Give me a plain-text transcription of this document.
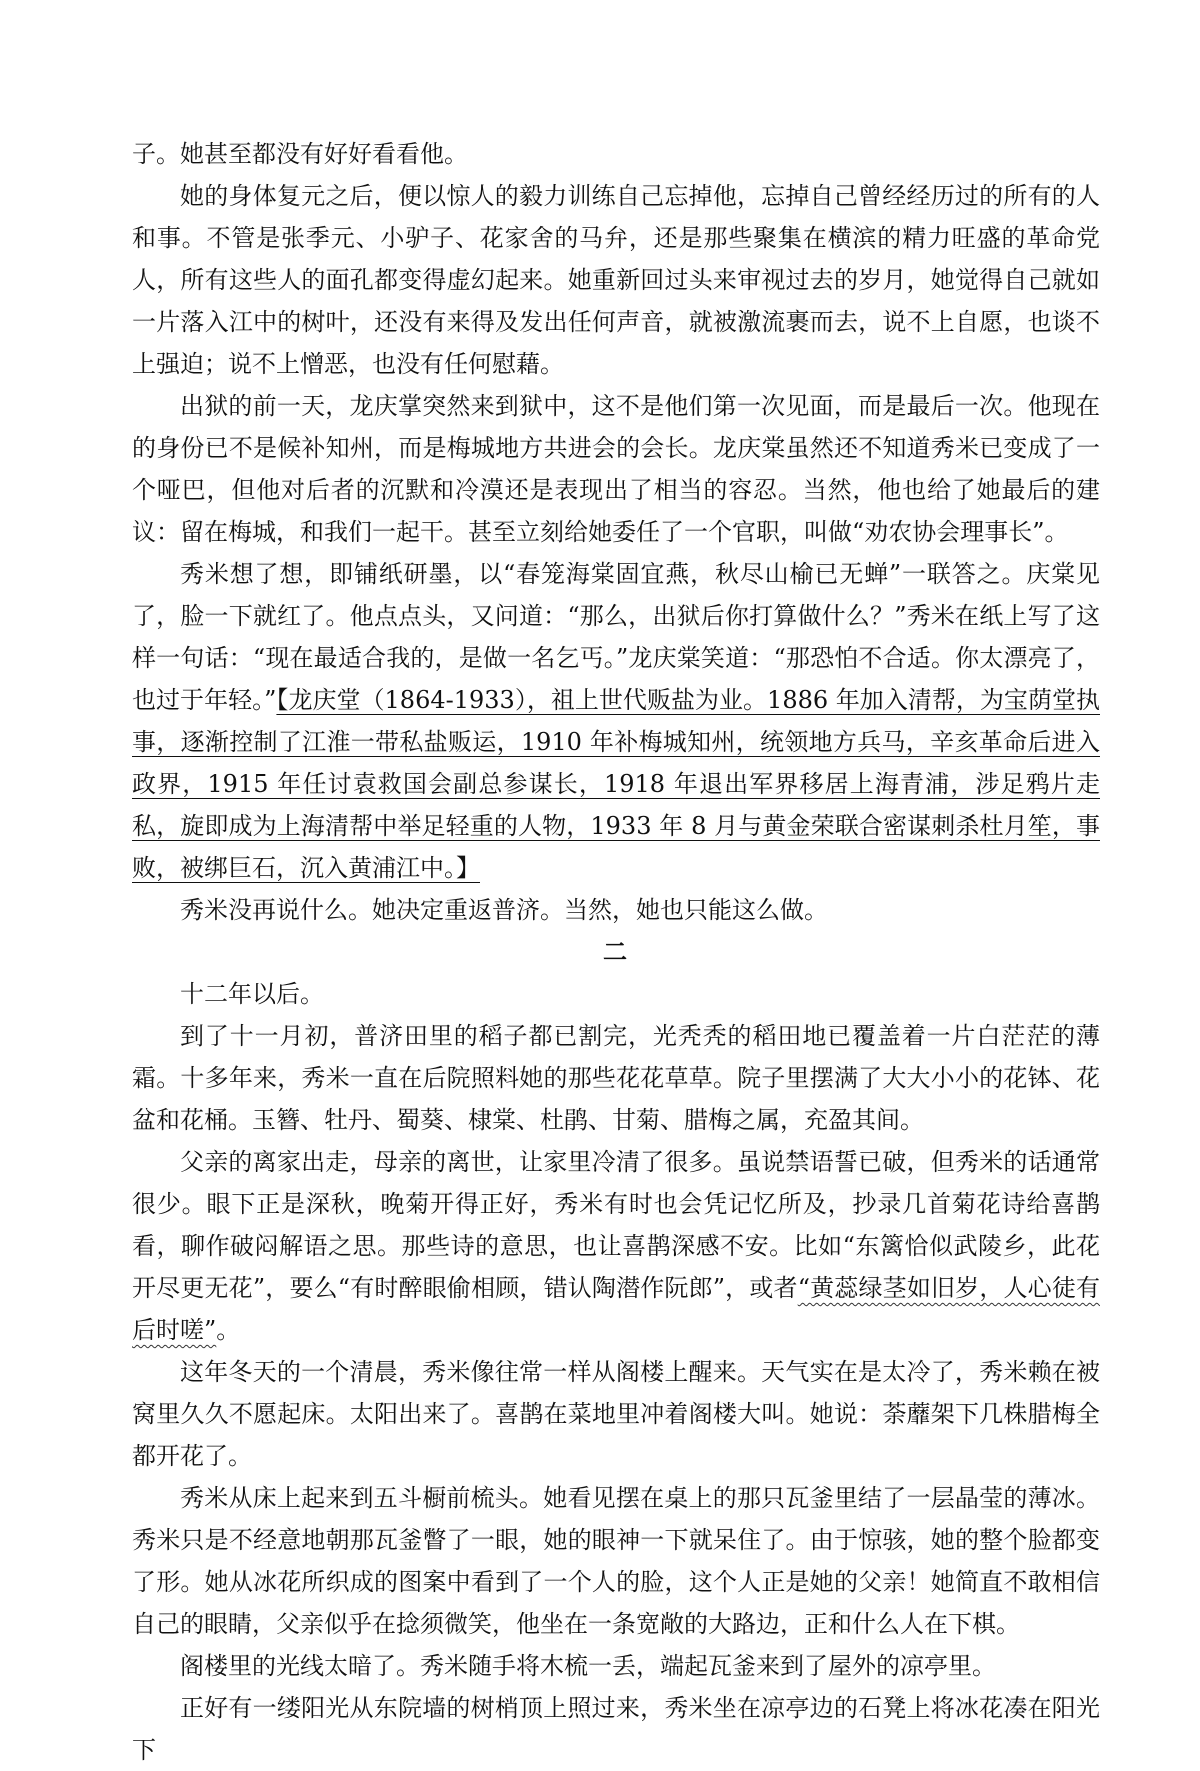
子。她甚至都没有好好看看他。

她的身体复元之后，便以惊人的毅力训练自己忘掉他，忘掉自己曾经经历过的所有的人和事。不管是张季元、小驴子、花家舍的马弁，还是那些聚集在横滨的精力旺盛的革命党人，所有这些人的面孔都变得虚幻起来。她重新回过头来审视过去的岁月，她觉得自己就如一片落入江中的树叶，还没有来得及发出任何声音，就被激流裹而去，说不上自愿，也谈不上强迫；说不上憎恶，也没有任何慰藉。

出狱的前一天，龙庆掌突然来到狱中，这不是他们第一次见面，而是最后一次。他现在的身份已不是候补知州，而是梅城地方共进会的会长。龙庆棠虽然还不知道秀米已变成了一个哑巴，但他对后者的沉默和冷漠还是表现出了相当的容忍。当然，他也给了她最后的建议：留在梅城，和我们一起干。甚至立刻给她委任了一个官职，叫做“劝农协会理事长”。

秀米想了想，即铺纸研墨，以“春笼海棠固宜燕，秋尽山榆已无蝉”一联答之。庆棠见了，脸一下就红了。他点点头，又问道：“那么，出狱后你打算做什么？”秀米在纸上写了这样一句话：“现在最适合我的，是做一名乞丐。”龙庆棠笑道：“那恐怕不合适。你太漂亮了，也过于年轻。”【龙庆堂（1864-1933），祖上世代贩盐为业。1886 年加入清帮，为宝荫堂执事，逐渐控制了江淮一带私盐贩运，1910 年补梅城知州，统领地方兵马，辛亥革命后进入政界，1915 年任讨袁救国会副总参谋长，1918 年退出军界移居上海青浦，涉足鸦片走私，旋即成为上海清帮中举足轻重的人物，1933 年 8 月与黄金荣联合密谋刺杀杜月笙，事败，被绑巨石，沉入黄浦江中。】

秀米没再说什么。她决定重返普济。当然，她也只能这么做。

二

十二年以后。

到了十一月初，普济田里的稻子都已割完，光秃秃的稻田地已覆盖着一片白茫茫的薄霜。十多年来，秀米一直在后院照料她的那些花花草草。院子里摆满了大大小小的花钵、花盆和花桶。玉簪、牡丹、蜀葵、棣棠、杜鹃、甘菊、腊梅之属，充盈其间。

父亲的离家出走，母亲的离世，让家里冷清了很多。虽说禁语誓已破，但秀米的话通常很少。眼下正是深秋，晚菊开得正好，秀米有时也会凭记忆所及，抄录几首菊花诗给喜鹊看，聊作破闷解语之思。那些诗的意思，也让喜鹊深感不安。比如“东篱恰似武陵乡，此花开尽更无花”，要么“有时醉眼偷相顾，错认陶潜作阮郎”，或者“黄蕊绿茎如旧岁，人心徒有后时嗟”。

这年冬天的一个清晨，秀米像往常一样从阁楼上醒来。天气实在是太冷了，秀米赖在被窝里久久不愿起床。太阳出来了。喜鹊在菜地里冲着阁楼大叫。她说：荼蘼架下几株腊梅全都开花了。

秀米从床上起来到五斗橱前梳头。她看见摆在桌上的那只瓦釜里结了一层晶莹的薄冰。秀米只是不经意地朝那瓦釜瞥了一眼，她的眼神一下就呆住了。由于惊骇，她的整个脸都变了形。她从冰花所织成的图案中看到了一个人的脸，这个人正是她的父亲！她简直不敢相信自己的眼睛，父亲似乎在捻须微笑，他坐在一条宽敞的大路边，正和什么人在下棋。

阁楼里的光线太暗了。秀米随手将木梳一丢，端起瓦釜来到了屋外的凉亭里。

正好有一缕阳光从东院墙的树梢顶上照过来，秀米坐在凉亭边的石凳上将冰花凑在阳光下
